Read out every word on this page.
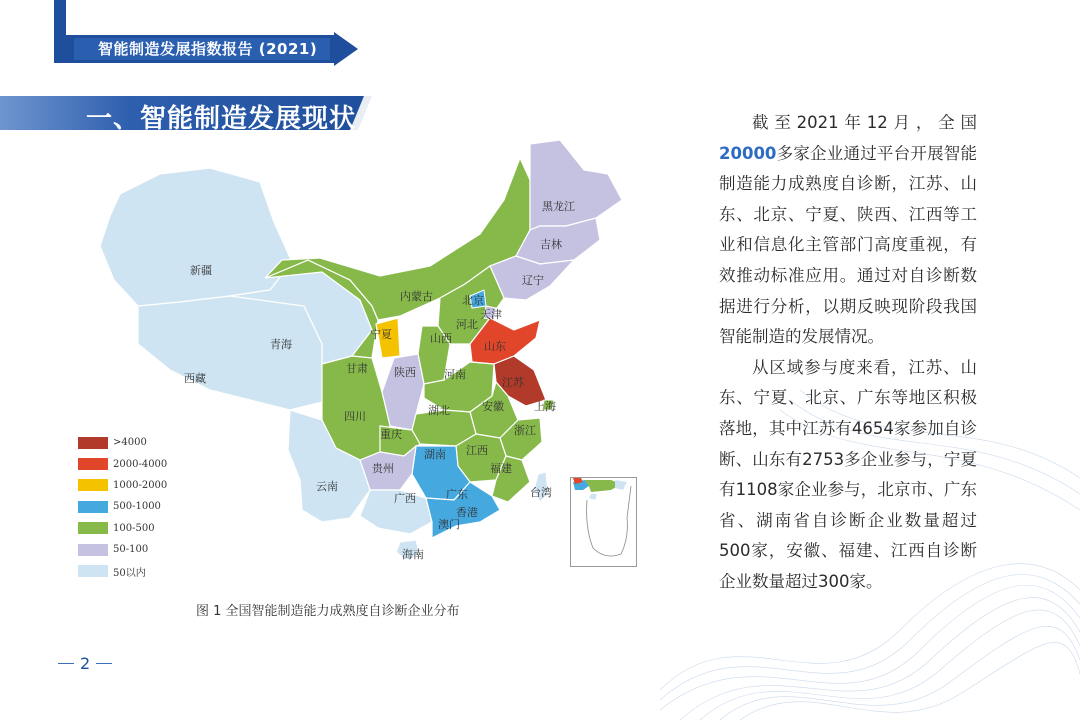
智能制造发展指数报告 (2021)
一、智能制造发展现状
新疆
西藏
青海
甘肃
宁夏
内蒙古
黑龙江
吉林
辽宁
北京
天津
河北
山西
山东
陕西	河南
江苏
上海
安徽
湖北
四川
重庆	浙江
江西
湖南
贵州	福建
云南
广西	广东	台湾
香港
澳门
海南
>4000
2000-4000
1000-2000
500-1000
100-500
50-100
50以内
图 1 全国智能制造能力成熟度自诊断企业分布

截至2021年12月，全国20000多家企业通过平台开展智能制造能力成熟度自诊断，江苏、山东、北京、宁夏、陕西、江西等工业和信息化主管部门高度重视，有效推动标准应用。通过对自诊断数据进行分析，以期反映现阶段我国智能制造的发展情况。

从区域参与度来看，江苏、山东、宁夏、北京、广东等地区积极落地，其中江苏有4654家参加自诊断、山东有2753多企业参与，宁夏有1108家企业参与，北京市、广东省、湖南省自诊断企业数量超过500家，安徽、福建、江西自诊断企业数量超过300家。

2
